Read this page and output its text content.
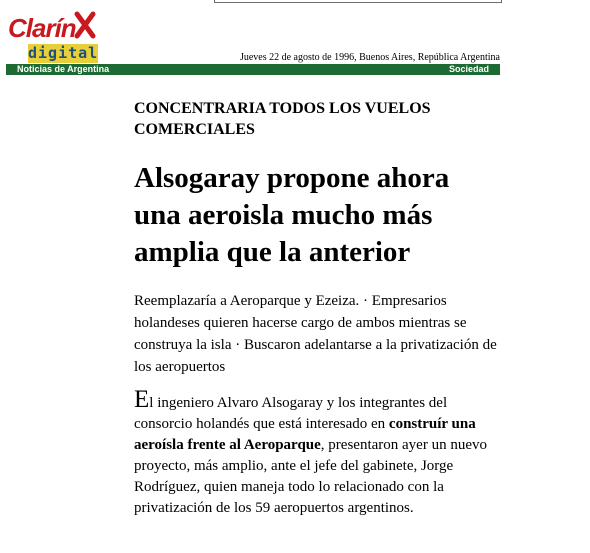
Clarín
digital	Jueves 22 de agosto de 1996, Buenos Aires, República Argentina
Noticias de Argentina	Sociedad
CONCENTRARIA TODOS LOS VUELOS COMERCIALES
Alsogaray propone ahora una aeroisla mucho más amplia que la anterior
Reemplazaría a Aeroparque y Ezeiza. · Empresarios holandeses quieren hacerse cargo de ambos mientras se construya la isla · Buscaron adelantarse a la privatización de los aeropuertos
El ingeniero Alvaro Alsogaray y los integrantes del consorcio holandés que está interesado en construír una aeroísla frente al Aeroparque, presentaron ayer un nuevo proyecto, más amplio, ante el jefe del gabinete, Jorge Rodríguez, quien maneja todo lo relacionado con la privatización de los 59 aeropuertos argentinos.
